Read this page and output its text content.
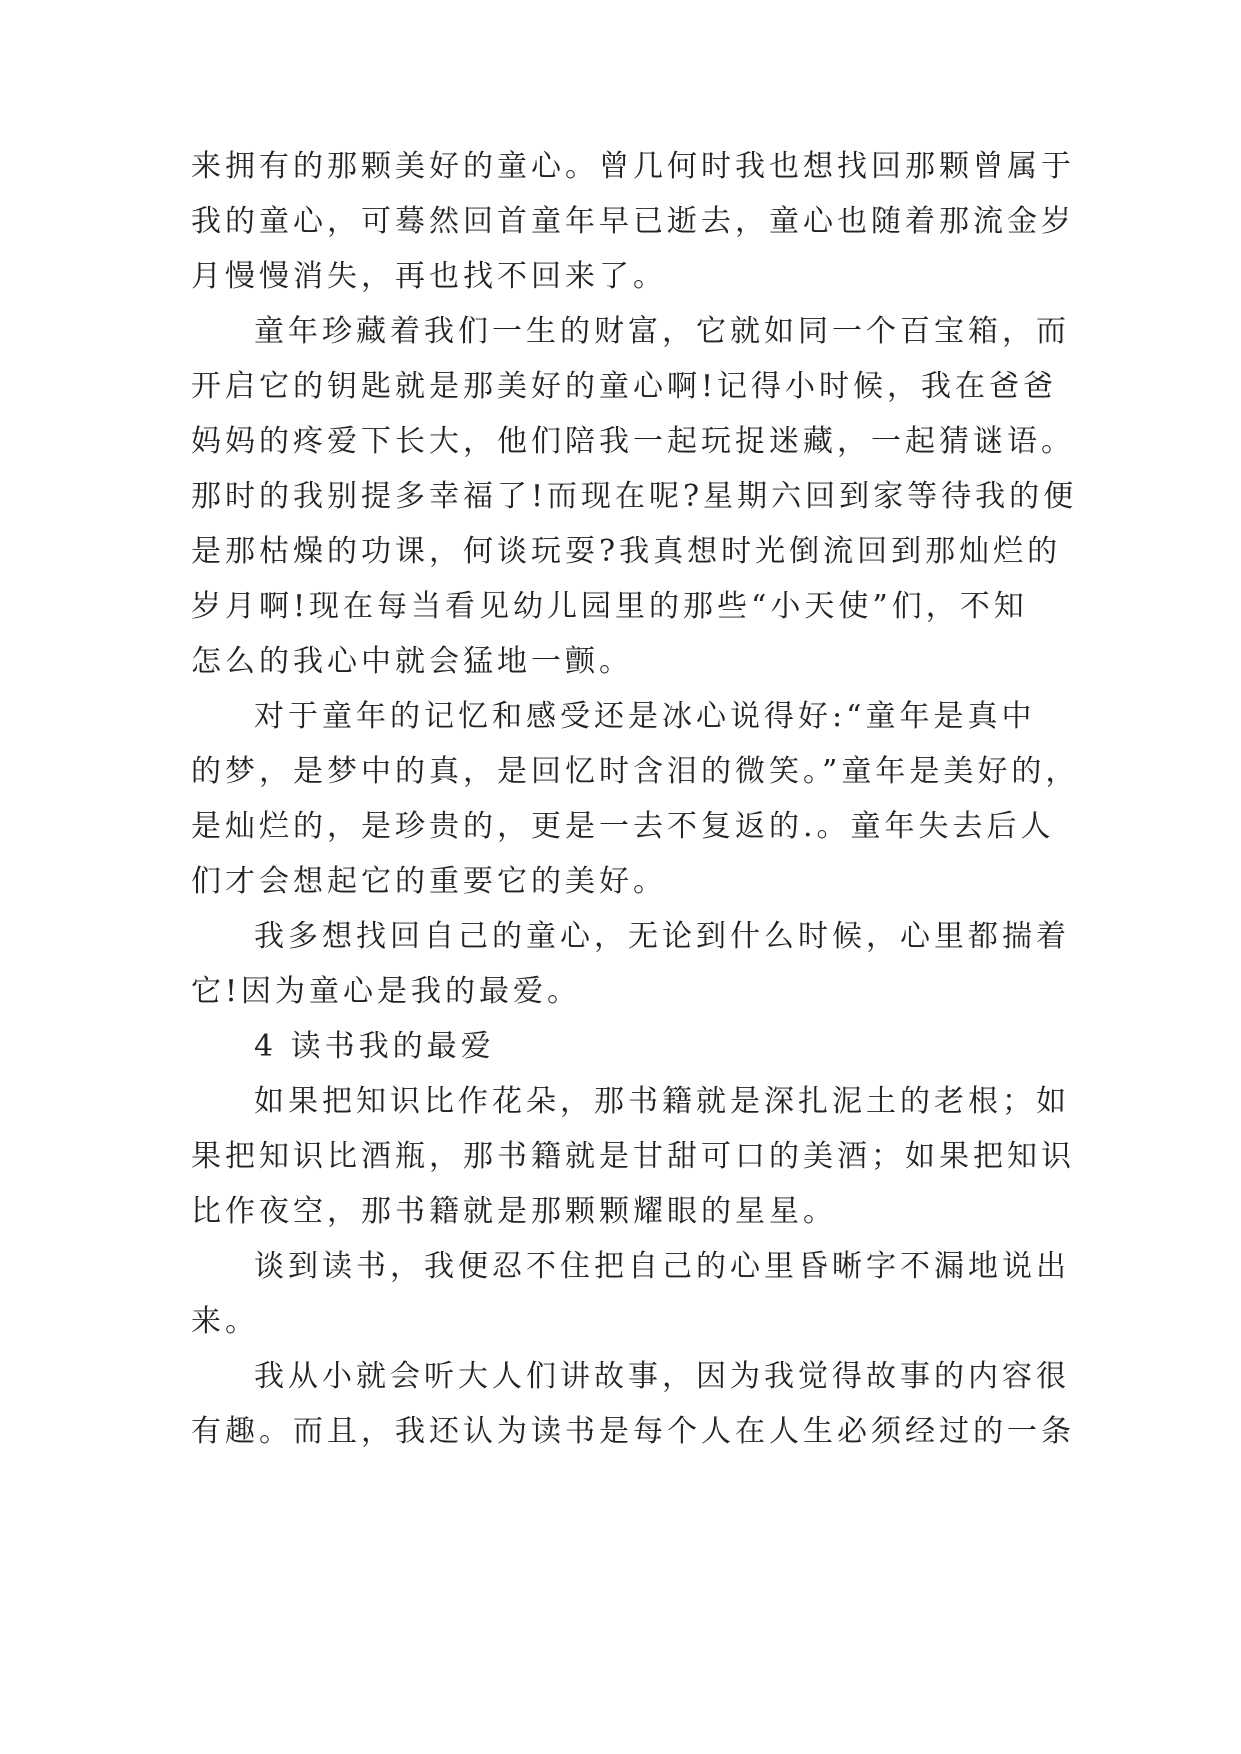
来拥有的那颗美好的童心。曾几何时我也想找回那颗曾属于
我的童心，可蓦然回首童年早已逝去，童心也随着那流金岁
月慢慢消失，再也找不回来了。
童年珍藏着我们一生的财富，它就如同一个百宝箱，而
开启它的钥匙就是那美好的童心啊!记得小时候，我在爸爸
妈妈的疼爱下长大，他们陪我一起玩捉迷藏，一起猜谜语。
那时的我别提多幸福了!而现在呢?星期六回到家等待我的便
是那枯燥的功课，何谈玩耍?我真想时光倒流回到那灿烂的
岁月啊!现在每当看见幼儿园里的那些“小天使”们，不知
怎么的我心中就会猛地一颤。
对于童年的记忆和感受还是冰心说得好:“童年是真中
的梦，是梦中的真，是回忆时含泪的微笑。”童年是美好的，
是灿烂的，是珍贵的，更是一去不复返的.。童年失去后人
们才会想起它的重要它的美好。
我多想找回自己的童心，无论到什么时候，心里都揣着
它!因为童心是我的最爱。
4 读书我的最爱
如果把知识比作花朵，那书籍就是深扎泥土的老根；如
果把知识比酒瓶，那书籍就是甘甜可口的美酒；如果把知识
比作夜空，那书籍就是那颗颗耀眼的星星。
谈到读书，我便忍不住把自己的心里昏晰字不漏地说出
来。
我从小就会听大人们讲故事，因为我觉得故事的内容很
有趣。而且，我还认为读书是每个人在人生必须经过的一条
